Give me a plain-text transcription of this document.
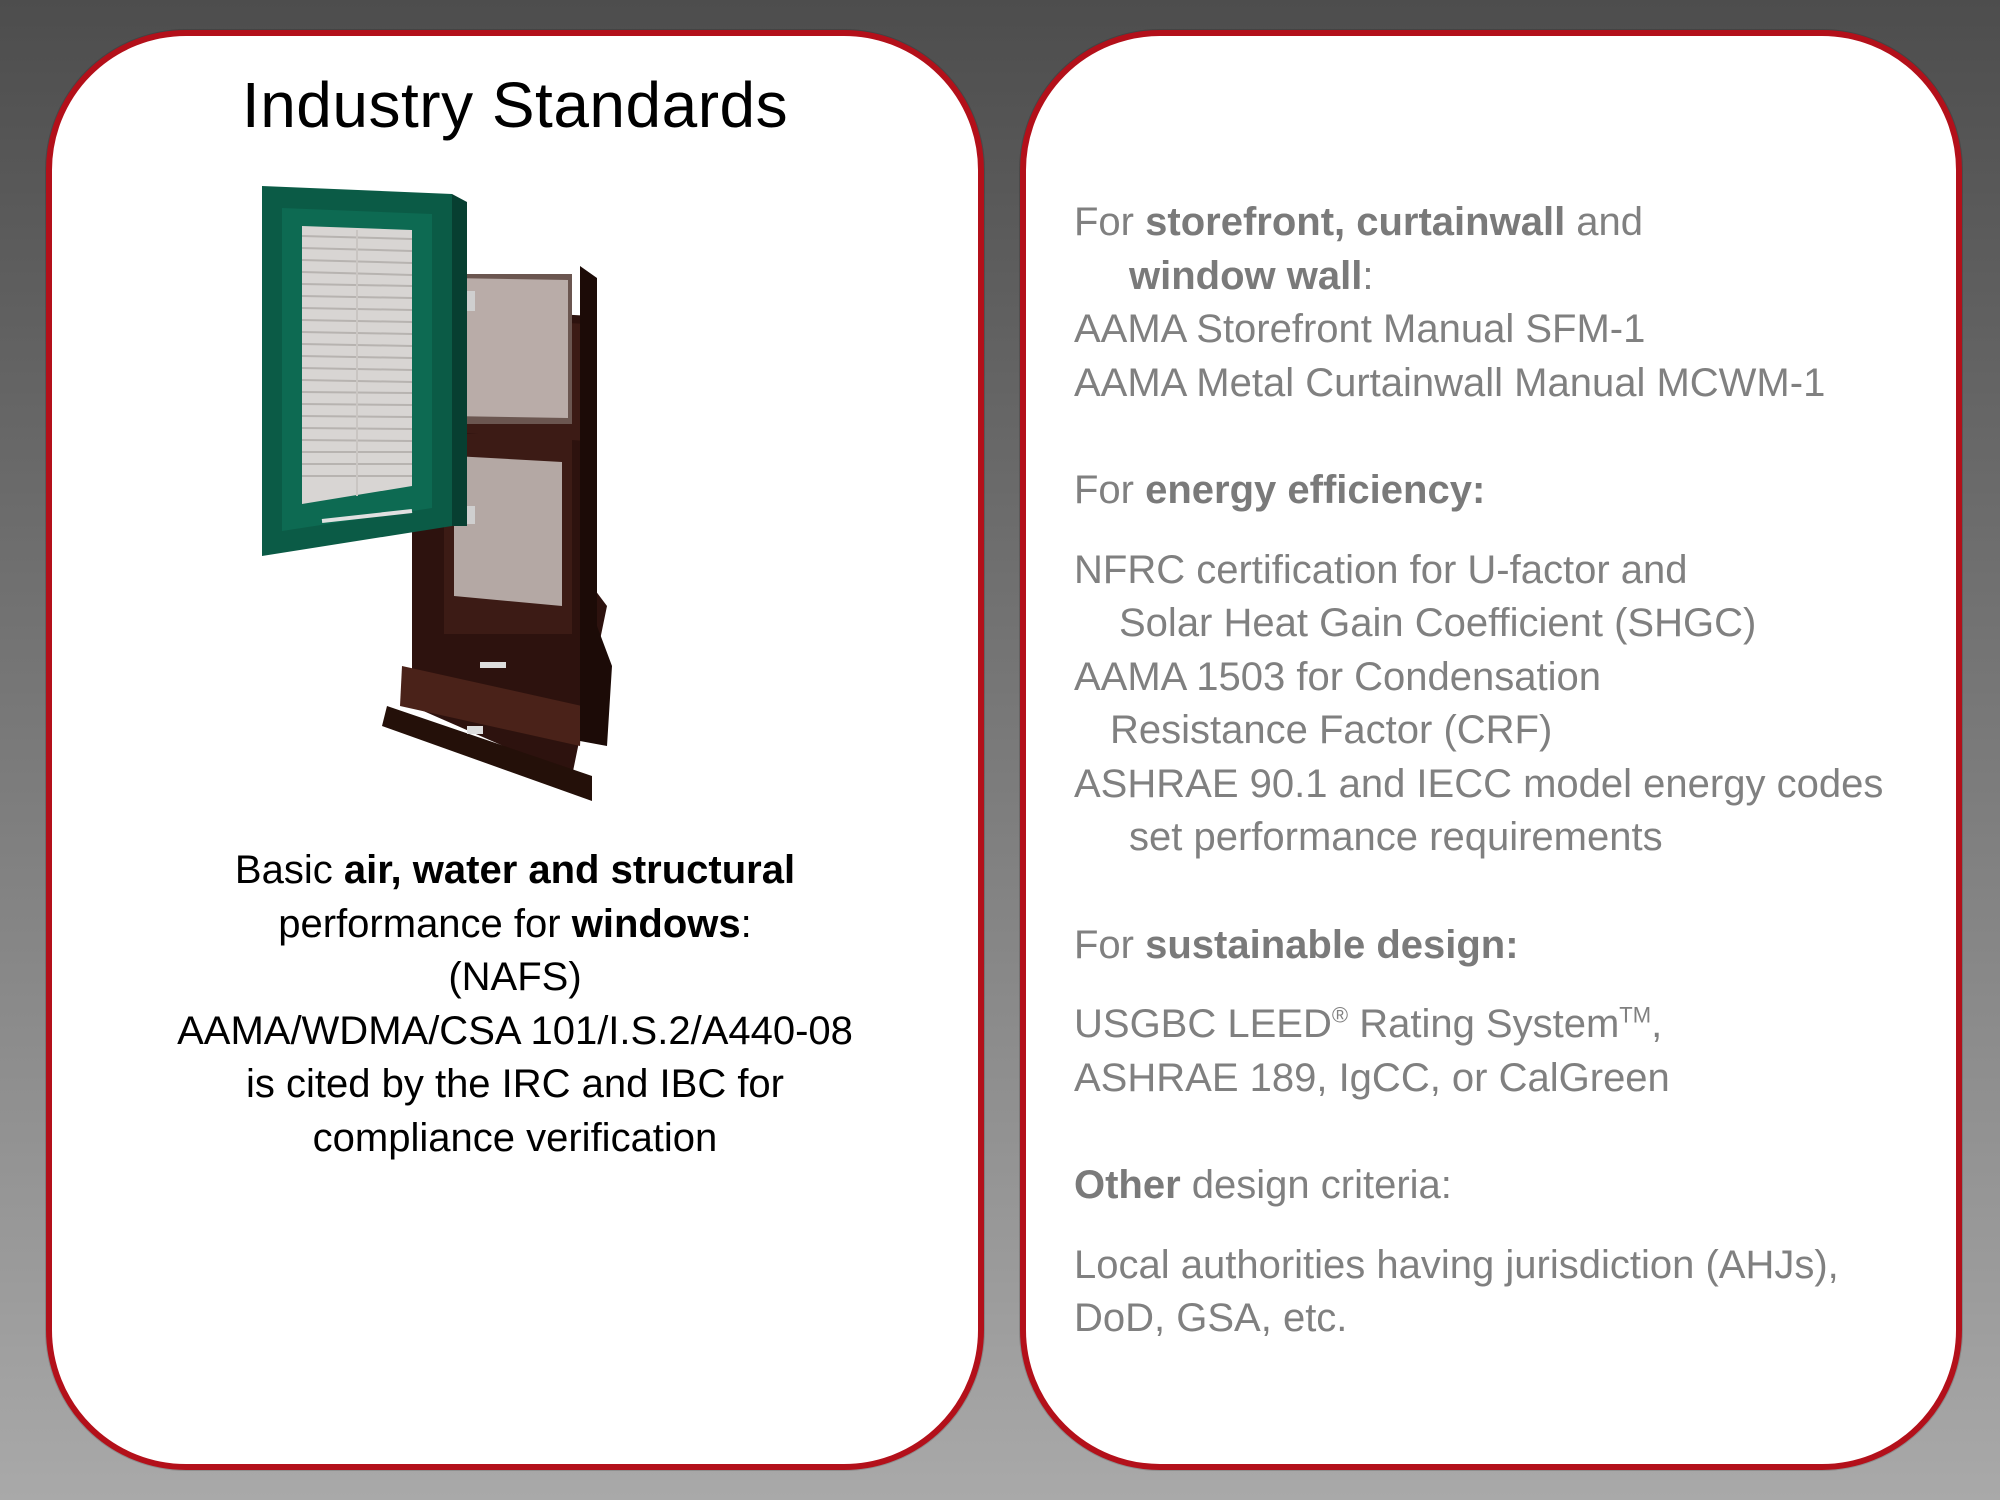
Industry Standards
Basic air, water and structural
performance for windows:
(NAFS)
AAMA/WDMA/CSA 101/I.S.2/A440-08
is cited by the IRC and IBC for
compliance verification
For storefront, curtainwall and
window wall:
AAMA Storefront Manual SFM-1
AAMA Metal Curtainwall Manual MCWM-1
For energy efficiency:
NFRC certification for U-factor and
Solar Heat Gain Coefficient (SHGC)
AAMA 1503 for Condensation
Resistance Factor (CRF)
ASHRAE 90.1 and IECC model energy codes
set performance requirements
For sustainable design:
USGBC LEED® Rating System™,
ASHRAE 189, IgCC, or CalGreen
Other design criteria:
Local authorities having jurisdiction (AHJs),
DoD, GSA, etc.
